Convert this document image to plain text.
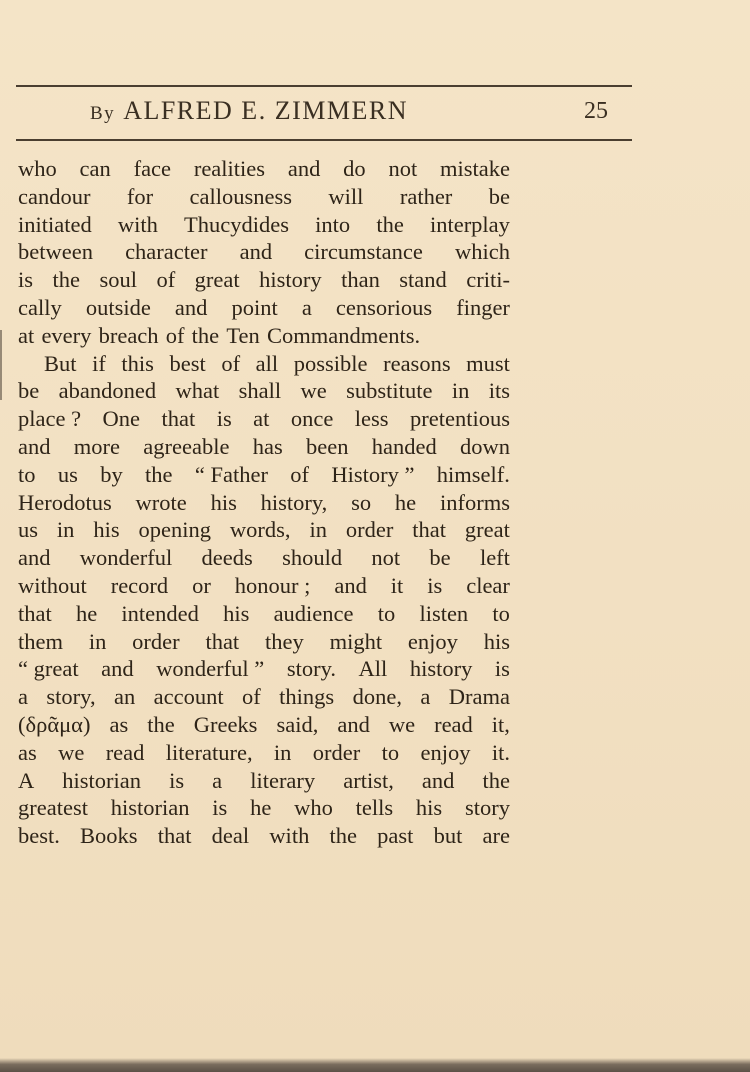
By ALFRED E. ZIMMERN	25
who can face realities and do not mistake
candour for callousness will rather be
initiated with Thucydides into the interplay
between character and circumstance which
is the soul of great history than stand criti-
cally outside and point a censorious finger
at every breach of the Ten Commandments.
But if this best of all possible reasons must
be abandoned what shall we substitute in its
place ? One that is at once less pretentious
and more agreeable has been handed down
to us by the “ Father of History ” himself.
Herodotus wrote his history, so he informs
us in his opening words, in order that great
and wonderful deeds should not be left
without record or honour ; and it is clear
that he intended his audience to listen to
them in order that they might enjoy his
“ great and wonderful ” story. All history is
a story, an account of things done, a Drama
(δρᾶμα) as the Greeks said, and we read it,
as we read literature, in order to enjoy it.
A historian is a literary artist, and the
greatest historian is he who tells his story
best. Books that deal with the past but are
